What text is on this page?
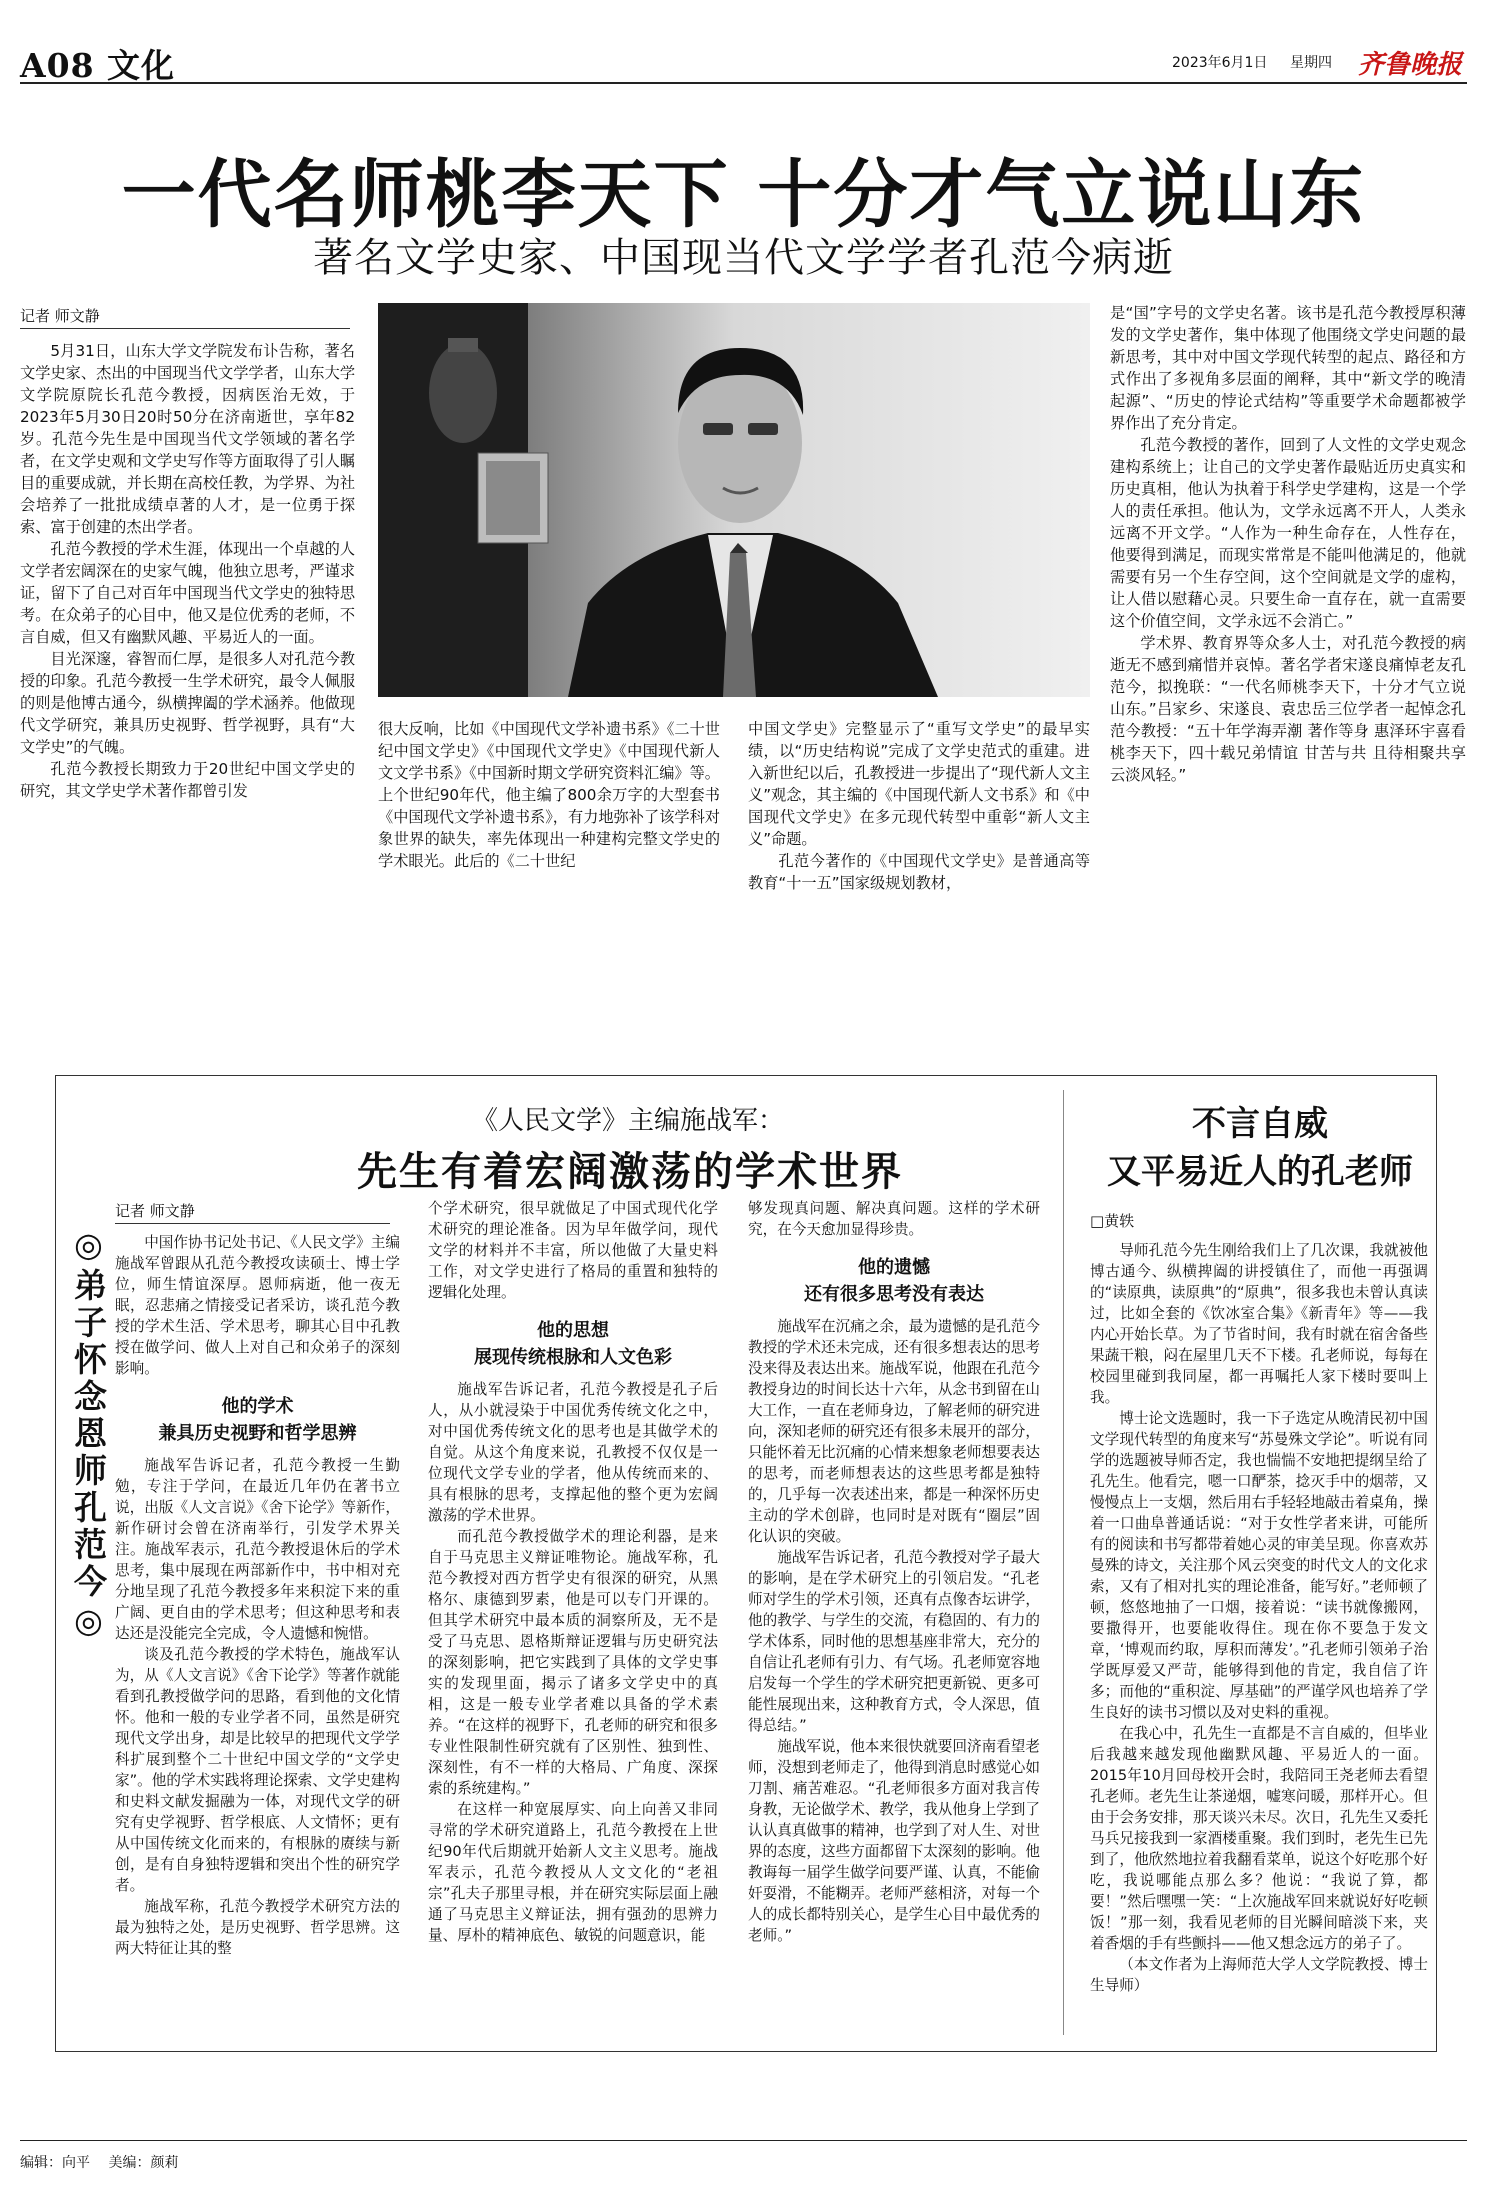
A08 文化	2023年6月1日 星期四 齐鲁晚报
一代名师桃李天下 十分才气立说山东
著名文学史家、中国现当代文学学者孔范今病逝
记者 师文静

5月31日，山东大学文学院发布讣告称，著名文学史家、杰出的中国现当代文学学者，山东大学文学院原院长孔范今教授，因病医治无效，于2023年5月30日20时50分在济南逝世，享年82岁。孔范今先生是中国现当代文学领域的著名学者，在文学史观和文学史写作等方面取得了引人瞩目的重要成就，并长期在高校任教，为学界、为社会培养了一批批成绩卓著的人才，是一位勇于探索、富于创建的杰出学者。

孔范今教授的学术生涯，体现出一个卓越的人文学者宏阔深在的史家气魄，他独立思考，严谨求证，留下了自己对百年中国现当代文学史的独特思考。在众弟子的心目中，他又是位优秀的老师，不言自威，但又有幽默风趣、平易近人的一面。

目光深邃，睿智而仁厚，是很多人对孔范今教授的印象。孔范今教授一生学术研究，最令人佩服的则是他博古通今，纵横捭阖的学术涵养。他做现代文学研究，兼具历史视野、哲学视野，具有“大文学史”的气魄。

孔范今教授长期致力于20世纪中国文学史的研究，其文学史学术著作都曾引发

很大反响，比如《中国现代文学补遗书系》《二十世纪中国文学史》《中国现代文学史》《中国现代新人文文学书系》《中国新时期文学研究资料汇编》等。上个世纪90年代，他主编了800余万字的大型套书《中国现代文学补遗书系》，有力地弥补了该学科对象世界的缺失，率先体现出一种建构完整文学史的学术眼光。此后的《二十世纪

中国文学史》完整显示了“重写文学史”的最早实绩，以“历史结构说”完成了文学史范式的重建。进入新世纪以后，孔教授进一步提出了“现代新人文主义”观念，其主编的《中国现代新人文书系》和《中国现代文学史》在多元现代转型中重彰“新人文主义”命题。

孔范今著作的《中国现代文学史》是普通高等教育“十一五”国家级规划教材，

是“国”字号的文学史名著。该书是孔范今教授厚积薄发的文学史著作，集中体现了他围绕文学史问题的最新思考，其中对中国文学现代转型的起点、路径和方式作出了多视角多层面的阐释，其中“新文学的晚清起源”、“历史的悖论式结构”等重要学术命题都被学界作出了充分肯定。

孔范今教授的著作，回到了人文性的文学史观念建构系统上；让自己的文学史著作最贴近历史真实和历史真相，他认为执着于科学史学建构，这是一个学人的责任承担。他认为，文学永远离不开人，人类永远离不开文学。“人作为一种生命存在，人性存在，他要得到满足，而现实常常是不能叫他满足的，他就需要有另一个生存空间，这个空间就是文学的虚构，让人借以慰藉心灵。只要生命一直存在，就一直需要这个价值空间，文学永远不会消亡。”

学术界、教育界等众多人士，对孔范今教授的病逝无不感到痛惜并哀悼。著名学者宋遂良痛悼老友孔范今，拟挽联：“一代名师桃李天下，十分才气立说山东。”吕家乡、宋遂良、袁忠岳三位学者一起悼念孔范今教授：“五十年学海弄潮 著作等身 惠泽环宇喜看桃李天下，四十载兄弟情谊 甘苦与共 且待相聚共享云淡风轻。”

《人民文学》主编施战军：
先生有着宏阔激荡的学术世界
◎弟子怀念恩师孔范今◎
记者 师文静

中国作协书记处书记、《人民文学》主编施战军曾跟从孔范今教授攻读硕士、博士学位，师生情谊深厚。恩师病逝，他一夜无眠，忍悲痛之情接受记者采访，谈孔范今教授的学术生活、学术思考，聊其心目中孔教授在做学问、做人上对自己和众弟子的深刻影响。

他的学术
兼具历史视野和哲学思辨

施战军告诉记者，孔范今教授一生勤勉，专注于学问，在最近几年仍在著书立说，出版《人文言说》《舍下论学》等新作，新作研讨会曾在济南举行，引发学术界关注。施战军表示，孔范今教授退休后的学术思考，集中展现在两部新作中，书中相对充分地呈现了孔范今教授多年来积淀下来的重广阔、更自由的学术思考；但这种思考和表达还是没能完全完成，令人遗憾和惋惜。

谈及孔范今教授的学术特色，施战军认为，从《人文言说》《舍下论学》等著作就能看到孔教授做学问的思路，看到他的文化情怀。他和一般的专业学者不同，虽然是研究现代文学出身，却是比较早的把现代文学学科扩展到整个二十世纪中国文学的“文学史家”。他的学术实践将理论探索、文学史建构和史料文献发掘融为一体，对现代文学的研究有史学视野、哲学根底、人文情怀；更有从中国传统文化而来的，有根脉的赓续与新创，是有自身独特逻辑和突出个性的研究学者。

施战军称，孔范今教授学术研究方法的最为独特之处，是历史视野、哲学思辨。这两大特征让其的整

个学术研究，很早就做足了中国式现代化学术研究的理论准备。因为早年做学问，现代文学的材料并不丰富，所以他做了大量史料工作，对文学史进行了格局的重置和独特的逻辑化处理。

他的思想
展现传统根脉和人文色彩

施战军告诉记者，孔范今教授是孔子后人，从小就浸染于中国优秀传统文化之中，对中国优秀传统文化的思考也是其做学术的自觉。从这个角度来说，孔教授不仅仅是一位现代文学专业的学者，他从传统而来的、具有根脉的思考，支撑起他的整个更为宏阔激荡的学术世界。

而孔范今教授做学术的理论利器，是来自于马克思主义辩证唯物论。施战军称，孔范今教授对西方哲学史有很深的研究，从黑格尔、康德到罗素，他是可以专门开课的。但其学术研究中最本质的洞察所及，无不是受了马克思、恩格斯辩证逻辑与历史研究法的深刻影响，把它实践到了具体的文学史事实的发现里面，揭示了诸多文学史中的真相，这是一般专业学者难以具备的学术素养。“在这样的视野下，孔老师的研究和很多专业性限制性研究就有了区别性、独到性、深刻性，有不一样的大格局、广角度、深探索的系统建构。”

在这样一种宽展厚实、向上向善又非同寻常的学术研究道路上，孔范今教授在上世纪90年代后期就开始新人文主义思考。施战军表示，孔范今教授从人文文化的“老祖宗”孔夫子那里寻根，并在研究实际层面上融通了马克思主义辩证法，拥有强劲的思辨力量、厚朴的精神底色、敏锐的问题意识，能

够发现真问题、解决真问题。这样的学术研究，在今天愈加显得珍贵。

他的遗憾
还有很多思考没有表达

施战军在沉痛之余，最为遗憾的是孔范今教授的学术还未完成，还有很多想表达的思考没来得及表达出来。施战军说，他跟在孔范今教授身边的时间长达十六年，从念书到留在山大工作，一直在老师身边，了解老师的研究进向，深知老师的研究还有很多未展开的部分，只能怀着无比沉痛的心情来想象老师想要表达的思考，而老师想表达的这些思考都是独特的，几乎每一次表述出来，都是一种深怀历史主动的学术创辟，也同时是对既有“圈层”固化认识的突破。

施战军告诉记者，孔范今教授对学子最大的影响，是在学术研究上的引领启发。“孔老师对学生的学术引领，还真有点像杏坛讲学，他的教学、与学生的交流，有稳固的、有力的学术体系，同时他的思想基座非常大，充分的自信让孔老师有引力、有气场。孔老师宽容地启发每一个学生的学术研究把更新锐、更多可能性展现出来，这种教育方式，令人深思，值得总结。”

施战军说，他本来很快就要回济南看望老师，没想到老师走了，他得到消息时感觉心如刀割、痛苦难忍。“孔老师很多方面对我言传身教，无论做学术、教学，我从他身上学到了认认真真做事的精神，也学到了对人生、对世界的态度，这些方面都留下太深刻的影响。他教诲每一届学生做学问要严谨、认真，不能偷奸耍滑，不能糊弄。老师严慈相济，对每一个人的成长都特别关心，是学生心目中最优秀的老师。”

不言自威
又平易近人的孔老师
□黄轶

导师孔范今先生刚给我们上了几次课，我就被他博古通今、纵横捭阖的讲授镇住了，而他一再强调的“读原典，读原典”的“原典”，很多我也未曾认真读过，比如全套的《饮冰室合集》《新青年》等——我内心开始长草。为了节省时间，我有时就在宿舍备些果蔬干粮，闷在屋里几天不下楼。孔老师说，每每在校园里碰到我同屋，都一再嘱托人家下楼时要叫上我。

博士论文选题时，我一下子选定从晚清民初中国文学现代转型的角度来写“苏曼殊文学论”。听说有同学的选题被导师否定，我也惴惴不安地把提纲呈给了孔先生。他看完，嗯一口酽茶，捻灭手中的烟蒂，又慢慢点上一支烟，然后用右手轻轻地敲击着桌角，操着一口曲阜普通话说：“对于女性学者来讲，可能所有的阅读和书写都带着她心灵的审美呈现。你喜欢苏曼殊的诗文，关注那个风云突变的时代文人的文化求索，又有了相对扎实的理论准备，能写好。”老师顿了顿，悠悠地抽了一口烟，接着说：“读书就像搬网，要撒得开，也要能收得住。现在你不要急于发文章，‘博观而约取，厚积而薄发’。”孔老师引领弟子治学既厚爱又严苛，能够得到他的肯定，我自信了许多；而他的“重积淀、厚基础”的严谨学风也培养了学生良好的读书习惯以及对史料的重视。

在我心中，孔先生一直都是不言自威的，但毕业后我越来越发现他幽默风趣、平易近人的一面。2015年10月回母校开会时，我陪同王尧老师去看望孔老师。老先生让茶递烟，嘘寒问暖，那样开心。但由于会务安排，那天谈兴未尽。次日，孔先生又委托马兵兄接我到一家酒楼重聚。我们到时，老先生已先到了，他欣然地拉着我翻看菜单，说这个好吃那个好吃，我说哪能点那么多？他说：“我说了算，都要！”然后嘿嘿一笑：“上次施战军回来就说好好吃顿饭！”那一刻，我看见老师的目光瞬间暗淡下来，夹着香烟的手有些颤抖——他又想念远方的弟子了。

（本文作者为上海师范大学人文学院教授、博士生导师）

编辑：向平 美编：颜莉
